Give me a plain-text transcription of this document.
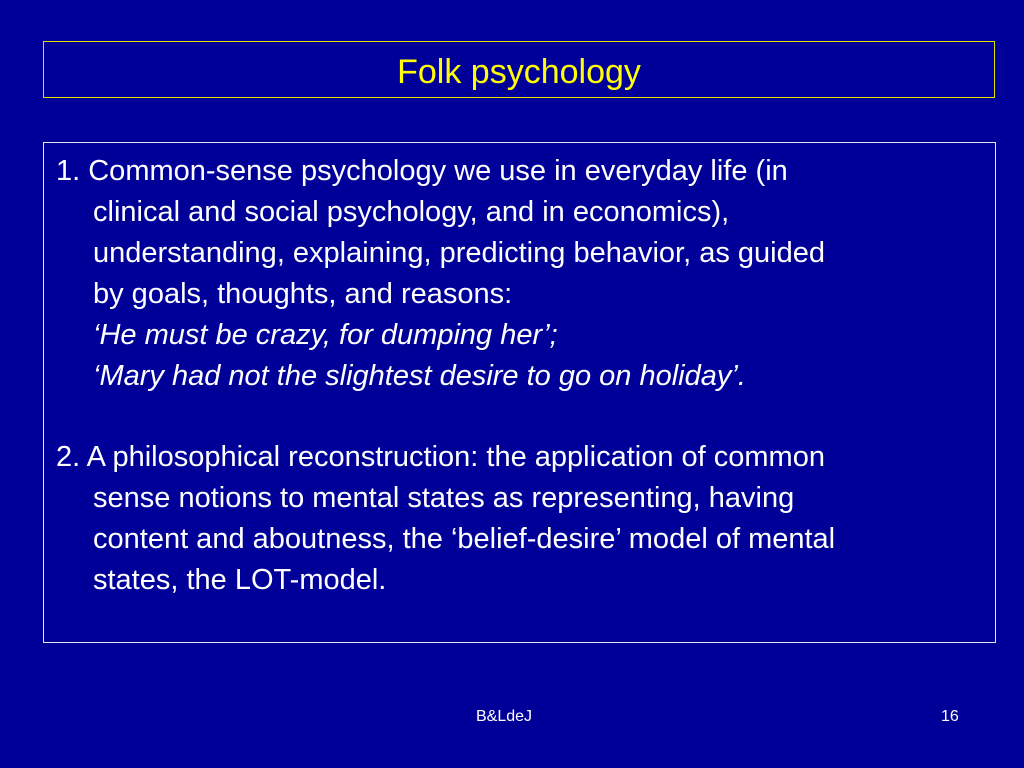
Folk psychology
1. Common-sense psychology we use in everyday life (in
clinical and social psychology, and in economics),
understanding, explaining, predicting behavior, as guided
by goals, thoughts, and reasons:
‘He must be crazy, for dumping her’;
‘Mary had not the slightest desire to go on holiday’.
2. A philosophical reconstruction: the application of common
sense notions to mental states as representing, having
content and aboutness, the ‘belief-desire’ model of mental
states, the LOT-model.
B&LdeJ	16
